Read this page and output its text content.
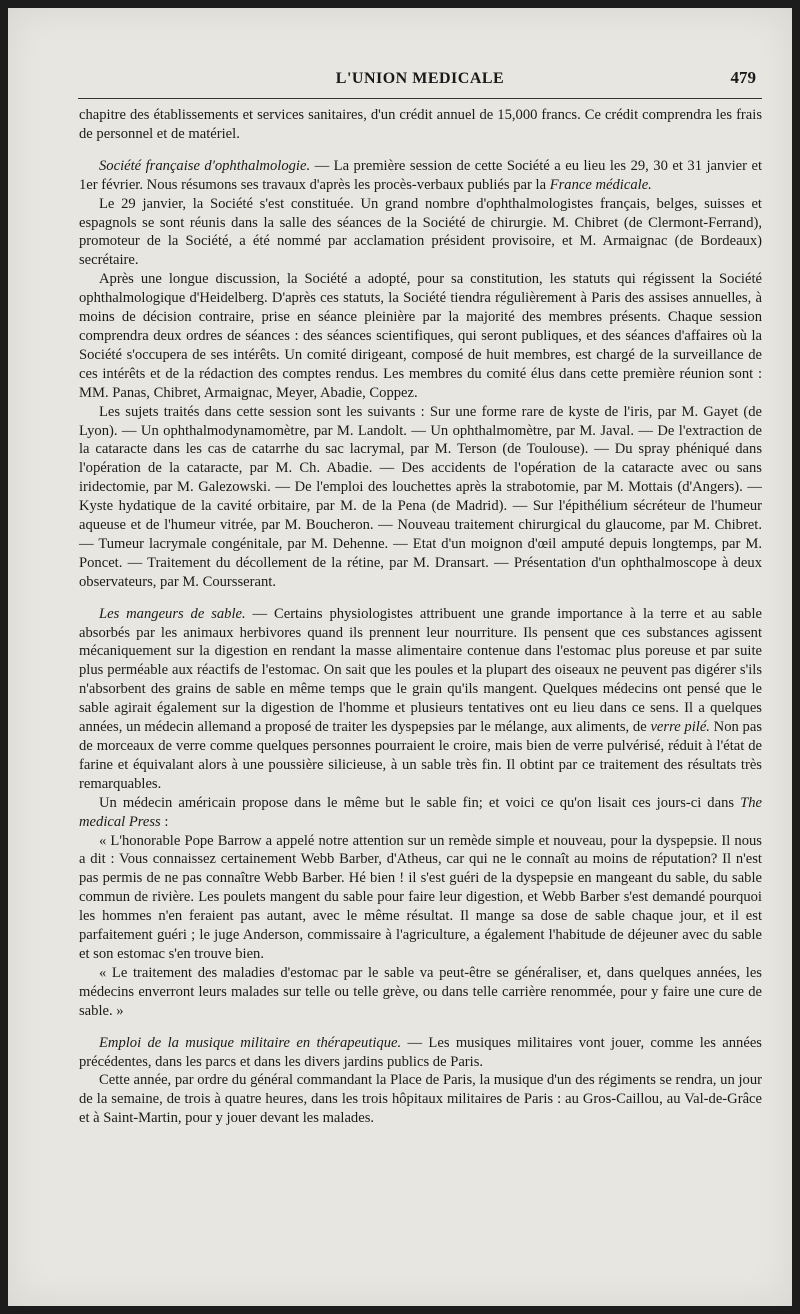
L'UNION MEDICALE	479

chapitre des établissements et services sanitaires, d'un crédit annuel de 15,000 francs. Ce crédit comprendra les frais de personnel et de matériel.

Société française d'ophthalmologie. — La première session de cette Société a eu lieu les 29, 30 et 31 janvier et 1er février. Nous résumons ses travaux d'après les procès-verbaux publiés par la France médicale.

Le 29 janvier, la Société s'est constituée. Un grand nombre d'ophthalmologistes français, belges, suisses et espagnols se sont réunis dans la salle des séances de la Société de chirurgie. M. Chibret (de Clermont-Ferrand), promoteur de la Société, a été nommé par acclamation président provisoire, et M. Armaignac (de Bordeaux) secrétaire.

Après une longue discussion, la Société a adopté, pour sa constitution, les statuts qui régissent la Société ophthalmologique d'Heidelberg. D'après ces statuts, la Société tiendra régulièrement à Paris des assises annuelles, à moins de décision contraire, prise en séance pleinière par la majorité des membres présents. Chaque session comprendra deux ordres de séances : des séances scientifiques, qui seront publiques, et des séances d'affaires où la Société s'occupera de ses intérêts. Un comité dirigeant, composé de huit membres, est chargé de la surveillance de ces intérêts et de la rédaction des comptes rendus. Les membres du comité élus dans cette première réunion sont : MM. Panas, Chibret, Armaignac, Meyer, Abadie, Coppez.

Les sujets traités dans cette session sont les suivants : Sur une forme rare de kyste de l'iris, par M. Gayet (de Lyon). — Un ophthalmodynamomètre, par M. Landolt. — Un ophthalmomètre, par M. Javal. — De l'extraction de la cataracte dans les cas de catarrhe du sac lacrymal, par M. Terson (de Toulouse). — Du spray phéniqué dans l'opération de la cataracte, par M. Ch. Abadie. — Des accidents de l'opération de la cataracte avec ou sans iridectomie, par M. Galezowski. — De l'emploi des louchettes après la strabotomie, par M. Mottais (d'Angers). — Kyste hydatique de la cavité orbitaire, par M. de la Pena (de Madrid). — Sur l'épithélium sécréteur de l'humeur aqueuse et de l'humeur vitrée, par M. Boucheron. — Nouveau traitement chirurgical du glaucome, par M. Chibret. — Tumeur lacrymale congénitale, par M. Dehenne. — Etat d'un moignon d'œil amputé depuis longtemps, par M. Poncet. — Traitement du décollement de la rétine, par M. Dransart. — Présentation d'un ophthalmoscope à deux observateurs, par M. Coursserant.

Les mangeurs de sable. — Certains physiologistes attribuent une grande importance à la terre et au sable absorbés par les animaux herbivores quand ils prennent leur nourriture. Ils pensent que ces substances agissent mécaniquement sur la digestion en rendant la masse alimentaire contenue dans l'estomac plus poreuse et par suite plus perméable aux réactifs de l'estomac. On sait que les poules et la plupart des oiseaux ne peuvent pas digérer s'ils n'absorbent des grains de sable en même temps que le grain qu'ils mangent. Quelques médecins ont pensé que le sable agirait également sur la digestion de l'homme et plusieurs tentatives ont eu lieu dans ce sens. Il a quelques années, un médecin allemand a proposé de traiter les dyspepsies par le mélange, aux aliments, de verre pilé. Non pas de morceaux de verre comme quelques personnes pourraient le croire, mais bien de verre pulvérisé, réduit à l'état de farine et équivalant alors à une poussière silicieuse, à un sable très fin. Il obtint par ce traitement des résultats très remarquables.

Un médecin américain propose dans le même but le sable fin; et voici ce qu'on lisait ces jours-ci dans The medical Press :

« L'honorable Pope Barrow a appelé notre attention sur un remède simple et nouveau, pour la dyspepsie. Il nous a dit : Vous connaissez certainement Webb Barber, d'Atheus, car qui ne le connaît au moins de réputation? Il n'est pas permis de ne pas connaître Webb Barber. Hé bien ! il s'est guéri de la dyspepsie en mangeant du sable, du sable commun de rivière. Les poulets mangent du sable pour faire leur digestion, et Webb Barber s'est demandé pourquoi les hommes n'en feraient pas autant, avec le même résultat. Il mange sa dose de sable chaque jour, et il est parfaitement guéri ; le juge Anderson, commissaire à l'agriculture, a également l'habitude de déjeuner avec du sable et son estomac s'en trouve bien.

« Le traitement des maladies d'estomac par le sable va peut-être se généraliser, et, dans quelques années, les médecins enverront leurs malades sur telle ou telle grève, ou dans telle carrière renommée, pour y faire une cure de sable. »

Emploi de la musique militaire en thérapeutique. — Les musiques militaires vont jouer, comme les années précédentes, dans les parcs et dans les divers jardins publics de Paris.

Cette année, par ordre du général commandant la Place de Paris, la musique d'un des régiments se rendra, un jour de la semaine, de trois à quatre heures, dans les trois hôpitaux militaires de Paris : au Gros-Caillou, au Val-de-Grâce et à Saint-Martin, pour y jouer devant les malades.
